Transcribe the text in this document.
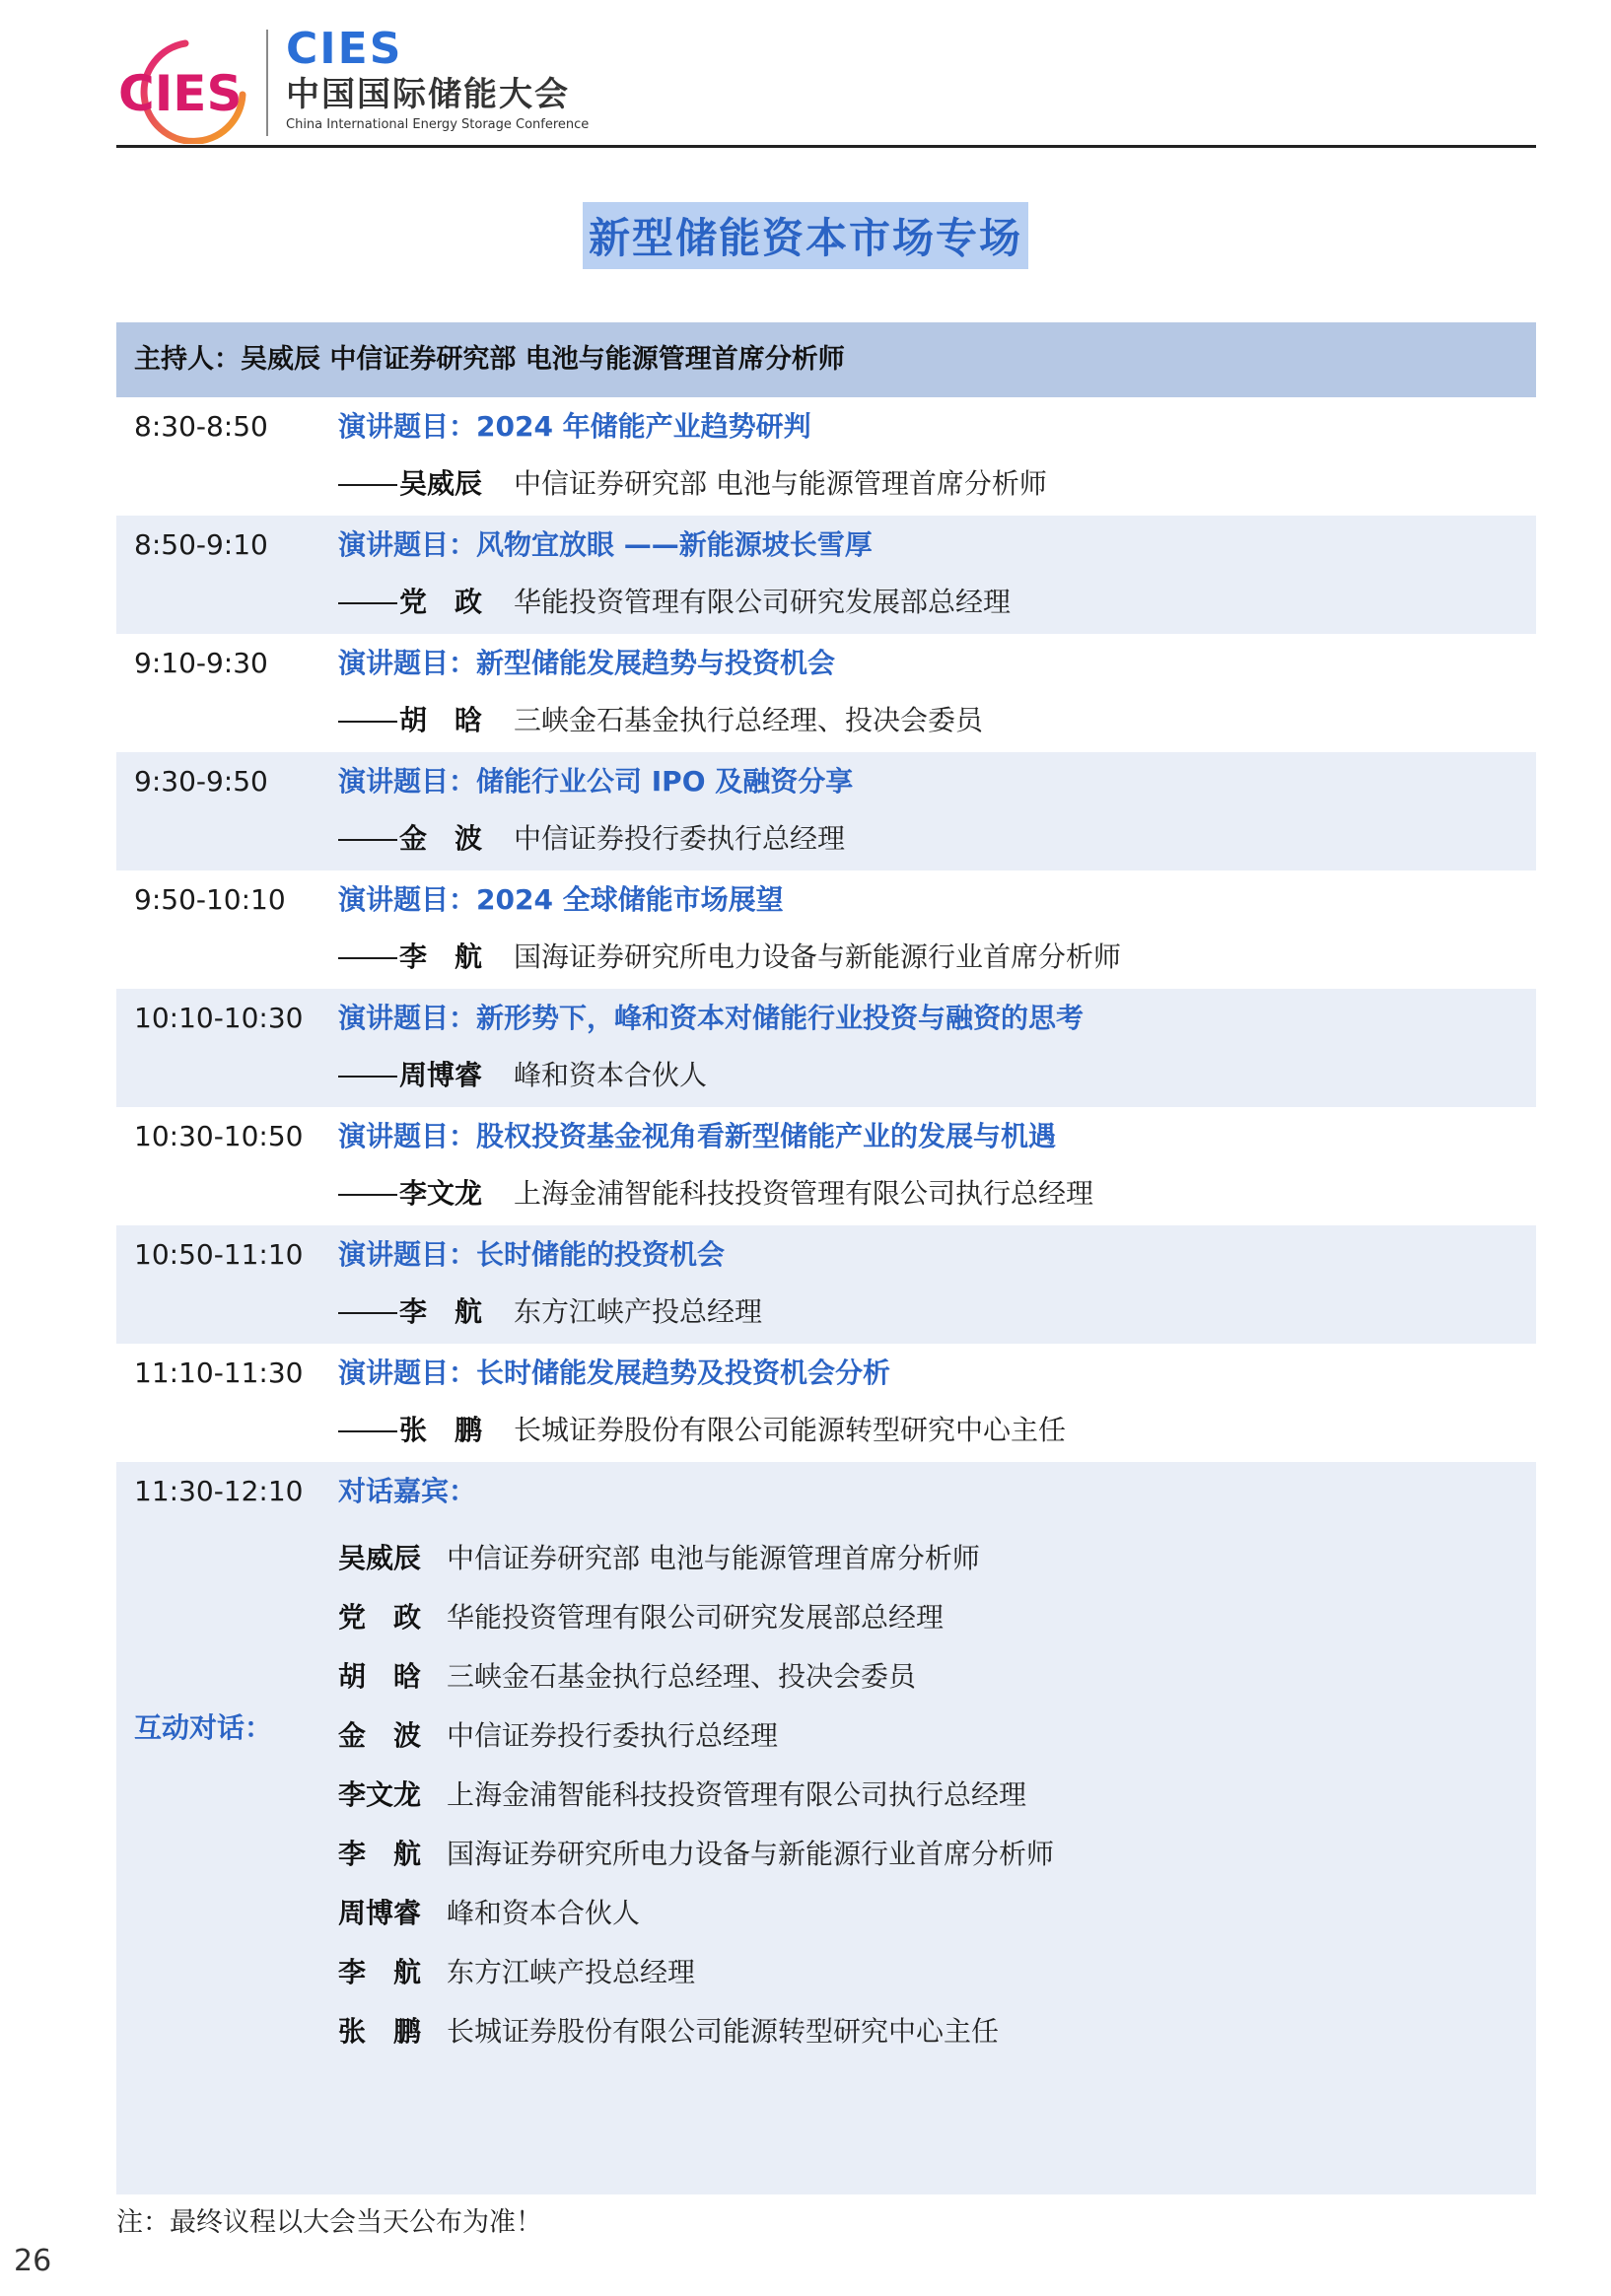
CIES
CIES
中国国际储能大会
China International Energy Storage Conference
新型储能资本市场专场
主持人：吴威辰 中信证券研究部 电池与能源管理首席分析师
8:30-8:50	演讲题目：2024 年储能产业趋势研判
吴威辰 中信证券研究部 电池与能源管理首席分析师
8:50-9:10	演讲题目：风物宜放眼 ——新能源坡长雪厚
党　政 华能投资管理有限公司研究发展部总经理
9:10-9:30	演讲题目：新型储能发展趋势与投资机会
胡　晗 三峡金石基金执行总经理、投决会委员
9:30-9:50	演讲题目：储能行业公司 IPO 及融资分享
金　波 中信证券投行委执行总经理
9:50-10:10 演讲题目：2024 全球储能市场展望
李　航 国海证券研究所电力设备与新能源行业首席分析师
10:10-10:30 演讲题目：新形势下，峰和资本对储能行业投资与融资的思考
周博睿 峰和资本合伙人
10:30-10:50 演讲题目：股权投资基金视角看新型储能产业的发展与机遇
李文龙 上海金浦智能科技投资管理有限公司执行总经理
10:50-11:10 演讲题目：长时储能的投资机会
李　航 东方江峡产投总经理
11:10-11:30 演讲题目：长时储能发展趋势及投资机会分析
张　鹏 长城证券股份有限公司能源转型研究中心主任
11:30-12:10 对话嘉宾：
互动对话：
吴威辰 中信证券研究部 电池与能源管理首席分析师
党　政 华能投资管理有限公司研究发展部总经理
胡　晗 三峡金石基金执行总经理、投决会委员
金　波 中信证券投行委执行总经理
李文龙 上海金浦智能科技投资管理有限公司执行总经理
李　航 国海证券研究所电力设备与新能源行业首席分析师
周博睿 峰和资本合伙人
李　航 东方江峡产投总经理
张　鹏 长城证券股份有限公司能源转型研究中心主任
注：最终议程以大会当天公布为准！
26
